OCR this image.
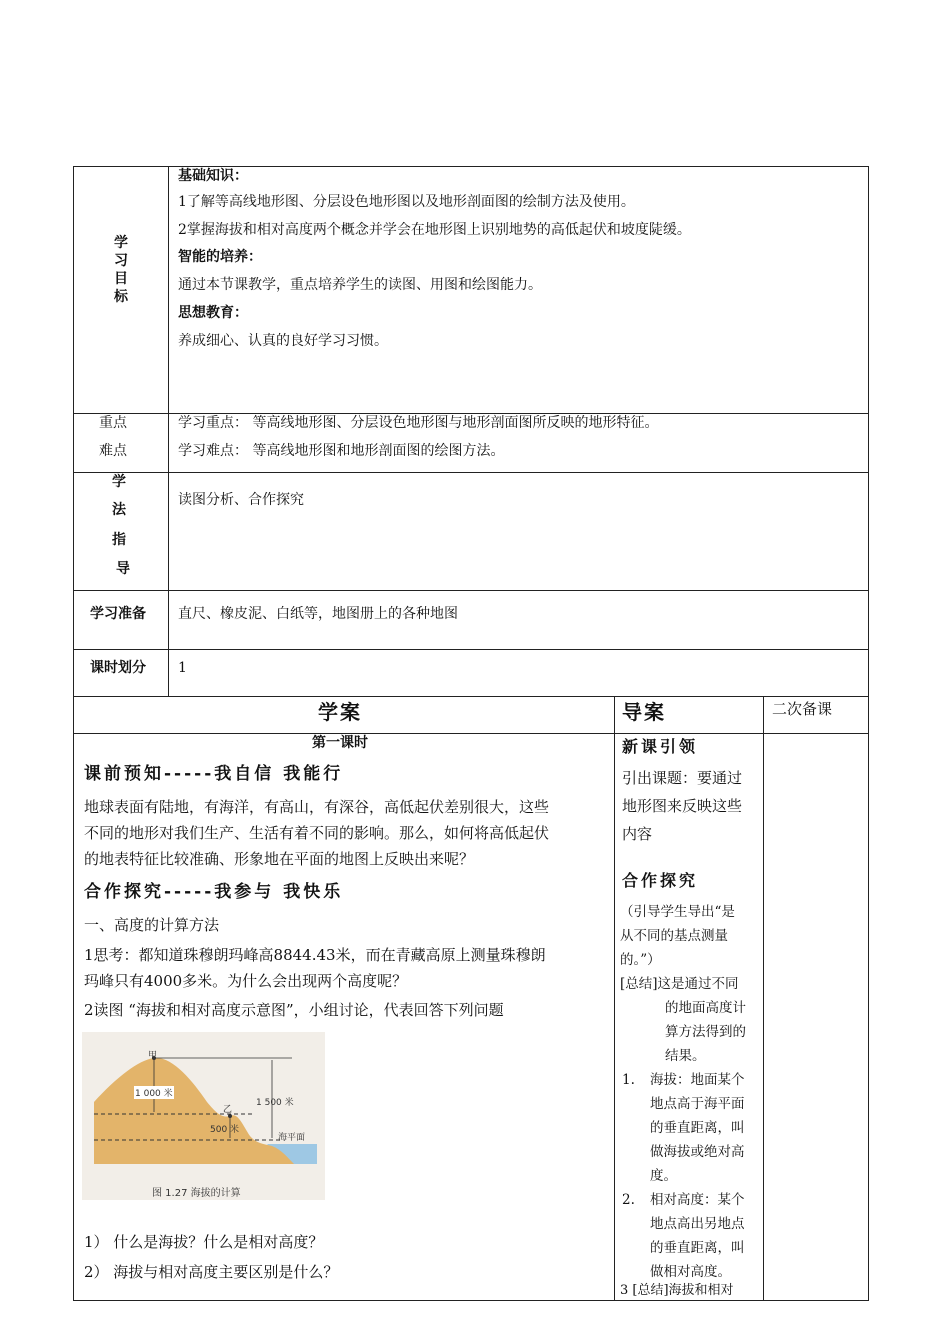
学习目标
基础知识：
1了解等高线地形图、分层设色地形图以及地形剖面图的绘制方法及使用。
2掌握海拔和相对高度两个概念并学会在地形图上识别地势的高低起伏和坡度陡缓。
智能的培养：
通过本节课教学，重点培养学生的读图、用图和绘图能力。
思想教育：
养成细心、认真的良好学习习惯。
重点
难点
学习重点： 等高线地形图、分层设色地形图与地形剖面图所反映的地形特征。
学习难点： 等高线地形图和地形剖面图的绘图方法。
学
法
指
导
读图分析、合作探究
学习准备 直尺、橡皮泥、白纸等，地图册上的各种地图
课时划分 1
学案	导案	二次备课
第一课时
课前预知-----我自信 我能行
地球表面有陆地，有海洋，有高山，有深谷，高低起伏差别很大，这些
不同的地形对我们生产、生活有着不同的影响。那么，如何将高低起伏
的地表特征比较准确、形象地在平面的地图上反映出来呢？
合作探究-----我参与 我快乐
一、高度的计算方法
1思考：都知道珠穆朗玛峰高8844.43米，而在青藏高原上测量珠穆朗
玛峰只有4000多米。为什么会出现两个高度呢？
2读图 “海拔和相对高度示意图”，小组讨论，代表回答下列问题
甲
1 000 米
乙
1 500 米
500 米
海平面
图 1.27 海拔的计算
1） 什么是海拔？什么是相对高度？
2） 海拔与相对高度主要区别是什么？
新课引领
引出课题：要通过
地形图来反映这些
内容
合作探究
（引导学生导出“是
从不同的基点测量
的。”）
[总结]这是通过不同
的地面高度计
算方法得到的
结果。
1. 海拔：地面某个
地点高于海平面
的垂直距离，叫
做海拔或绝对高
度。
2. 相对高度：某个
地点高出另地点
的垂直距离，叫
做相对高度。
3 [总结]海拔和相对
